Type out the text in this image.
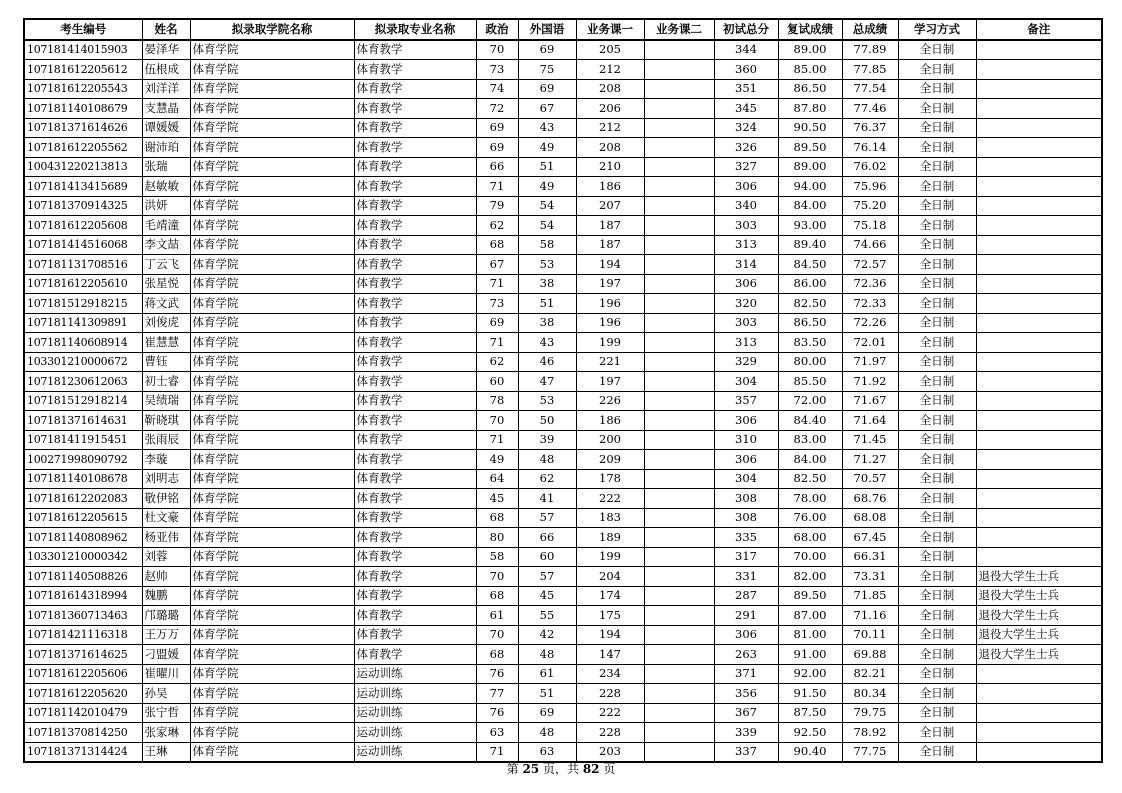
考生编号	姓名	拟录取学院名称	拟录取专业名称	政治	外国语	业务课一	业务课二	初试总分	复试成绩	总成绩	学习方式	备注
107181414015903	晏泽华	体育学院	体育教学	70	69	205		344	89.00	77.89	全日制	
107181612205612	伍根成	体育学院	体育教学	73	75	212		360	85.00	77.85	全日制	
107181612205543	刘洋洋	体育学院	体育教学	74	69	208		351	86.50	77.54	全日制	
107181140108679	支慧晶	体育学院	体育教学	72	67	206		345	87.80	77.46	全日制	
107181371614626	谭媛媛	体育学院	体育教学	69	43	212		324	90.50	76.37	全日制	
107181612205562	谢沛珀	体育学院	体育教学	69	49	208		326	89.50	76.14	全日制	
100431220213813	张瑞	体育学院	体育教学	66	51	210		327	89.00	76.02	全日制	
107181413415689	赵敏敏	体育学院	体育教学	71	49	186		306	94.00	75.96	全日制	
107181370914325	洪妍	体育学院	体育教学	79	54	207		340	84.00	75.20	全日制	
107181612205608	毛靖潼	体育学院	体育教学	62	54	187		303	93.00	75.18	全日制	
107181414516068	李文喆	体育学院	体育教学	68	58	187		313	89.40	74.66	全日制	
107181131708516	丁云飞	体育学院	体育教学	67	53	194		314	84.50	72.57	全日制	
107181612205610	张星悦	体育学院	体育教学	71	38	197		306	86.00	72.36	全日制	
107181512918215	蒋文武	体育学院	体育教学	73	51	196		320	82.50	72.33	全日制	
107181141309891	刘俊虎	体育学院	体育教学	69	38	196		303	86.50	72.26	全日制	
107181140608914	崔慧慧	体育学院	体育教学	71	43	199		313	83.50	72.01	全日制	
103301210000672	曹钰	体育学院	体育教学	62	46	221		329	80.00	71.97	全日制	
107181230612063	初士睿	体育学院	体育教学	60	47	197		304	85.50	71.92	全日制	
107181512918214	吴绩瑞	体育学院	体育教学	78	53	226		357	72.00	71.67	全日制	
107181371614631	靳晓琪	体育学院	体育教学	70	50	186		306	84.40	71.64	全日制	
107181411915451	张雨辰	体育学院	体育教学	71	39	200		310	83.00	71.45	全日制	
100271998090792	李璇	体育学院	体育教学	49	48	209		306	84.00	71.27	全日制	
107181140108678	刘明志	体育学院	体育教学	64	62	178		304	82.50	70.57	全日制	
107181612202083	敬伊铭	体育学院	体育教学	45	41	222		308	78.00	68.76	全日制	
107181612205615	杜文豪	体育学院	体育教学	68	57	183		308	76.00	68.08	全日制	
107181140808962	杨亚伟	体育学院	体育教学	80	66	189		335	68.00	67.45	全日制	
103301210000342	刘蓉	体育学院	体育教学	58	60	199		317	70.00	66.31	全日制	
107181140508826	赵帅	体育学院	体育教学	70	57	204		331	82.00	73.31	全日制	退役大学生士兵
107181614318994	魏鹏	体育学院	体育教学	68	45	174		287	89.50	71.85	全日制	退役大学生士兵
107181360713463	邝璐璐	体育学院	体育教学	61	55	175		291	87.00	71.16	全日制	退役大学生士兵
107181421116318	王万万	体育学院	体育教学	70	42	194		306	81.00	70.11	全日制	退役大学生士兵
107181371614625	刁盟媛	体育学院	体育教学	68	48	147		263	91.00	69.88	全日制	退役大学生士兵
107181612205606	崔曜川	体育学院	运动训练	76	61	234		371	92.00	82.21	全日制	
107181612205620	孙吴	体育学院	运动训练	77	51	228		356	91.50	80.34	全日制	
107181142010479	张宁哲	体育学院	运动训练	76	69	222		367	87.50	79.75	全日制	
107181370814250	张家琳	体育学院	运动训练	63	48	228		339	92.50	78.92	全日制	
107181371314424	王琳	体育学院	运动训练	71	63	203		337	90.40	77.75	全日制	
第 25 页，共 82 页
